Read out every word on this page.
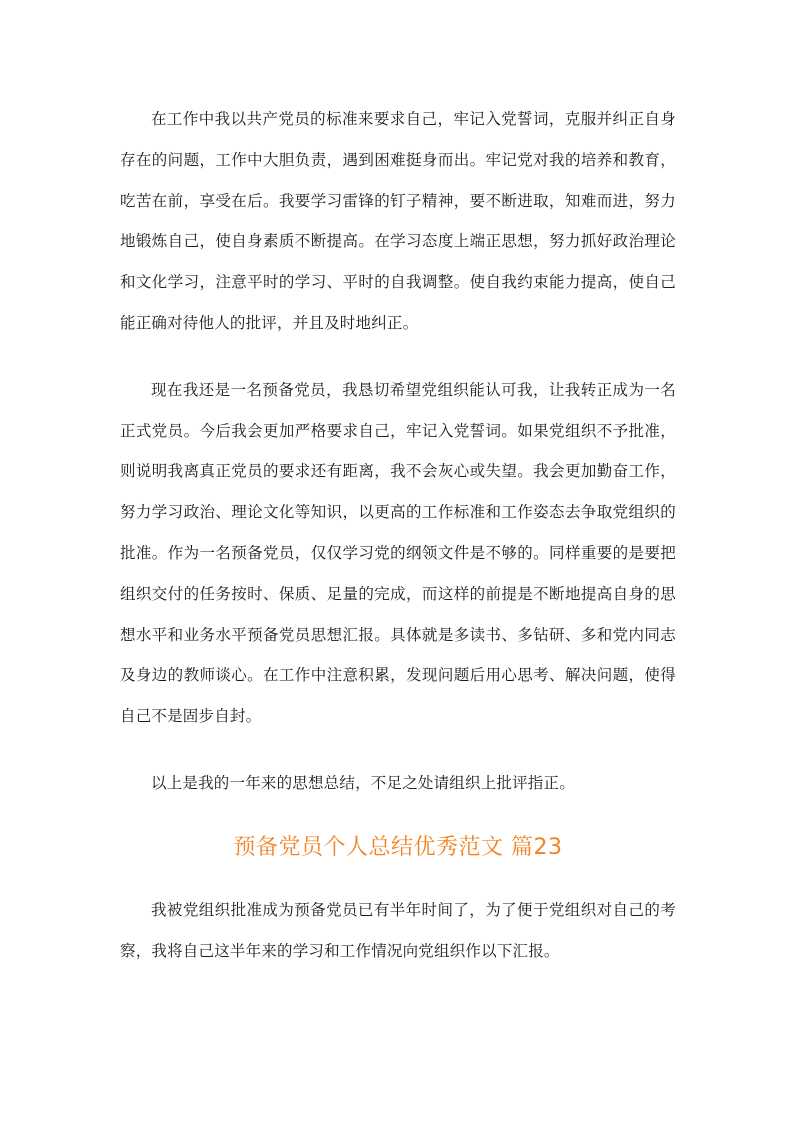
在工作中我以共产党员的标准来要求自己，牢记入党誓词，克服并纠正自身存在的问题，工作中大胆负责，遇到困难挺身而出。牢记党对我的培养和教育，吃苦在前，享受在后。我要学习雷锋的钉子精神，要不断进取，知难而进，努力地锻炼自己，使自身素质不断提高。在学习态度上端正思想，努力抓好政治理论和文化学习，注意平时的学习、平时的自我调整。使自我约束能力提高，使自己能正确对待他人的批评，并且及时地纠正。

现在我还是一名预备党员，我恳切希望党组织能认可我，让我转正成为一名正式党员。今后我会更加严格要求自己，牢记入党誓词。如果党组织不予批准，则说明我离真正党员的要求还有距离，我不会灰心或失望。我会更加勤奋工作，努力学习政治、理论文化等知识，以更高的工作标准和工作姿态去争取党组织的批准。作为一名预备党员，仅仅学习党的纲领文件是不够的。同样重要的是要把组织交付的任务按时、保质、足量的完成，而这样的前提是不断地提高自身的思想水平和业务水平预备党员思想汇报。具体就是多读书、多钻研、多和党内同志及身边的教师谈心。在工作中注意积累，发现问题后用心思考、解决问题，使得自己不是固步自封。

以上是我的一年来的思想总结，不足之处请组织上批评指正。

预备党员个人总结优秀范文 篇23

我被党组织批准成为预备党员已有半年时间了，为了便于党组织对自己的考察，我将自己这半年来的学习和工作情况向党组织作以下汇报。
